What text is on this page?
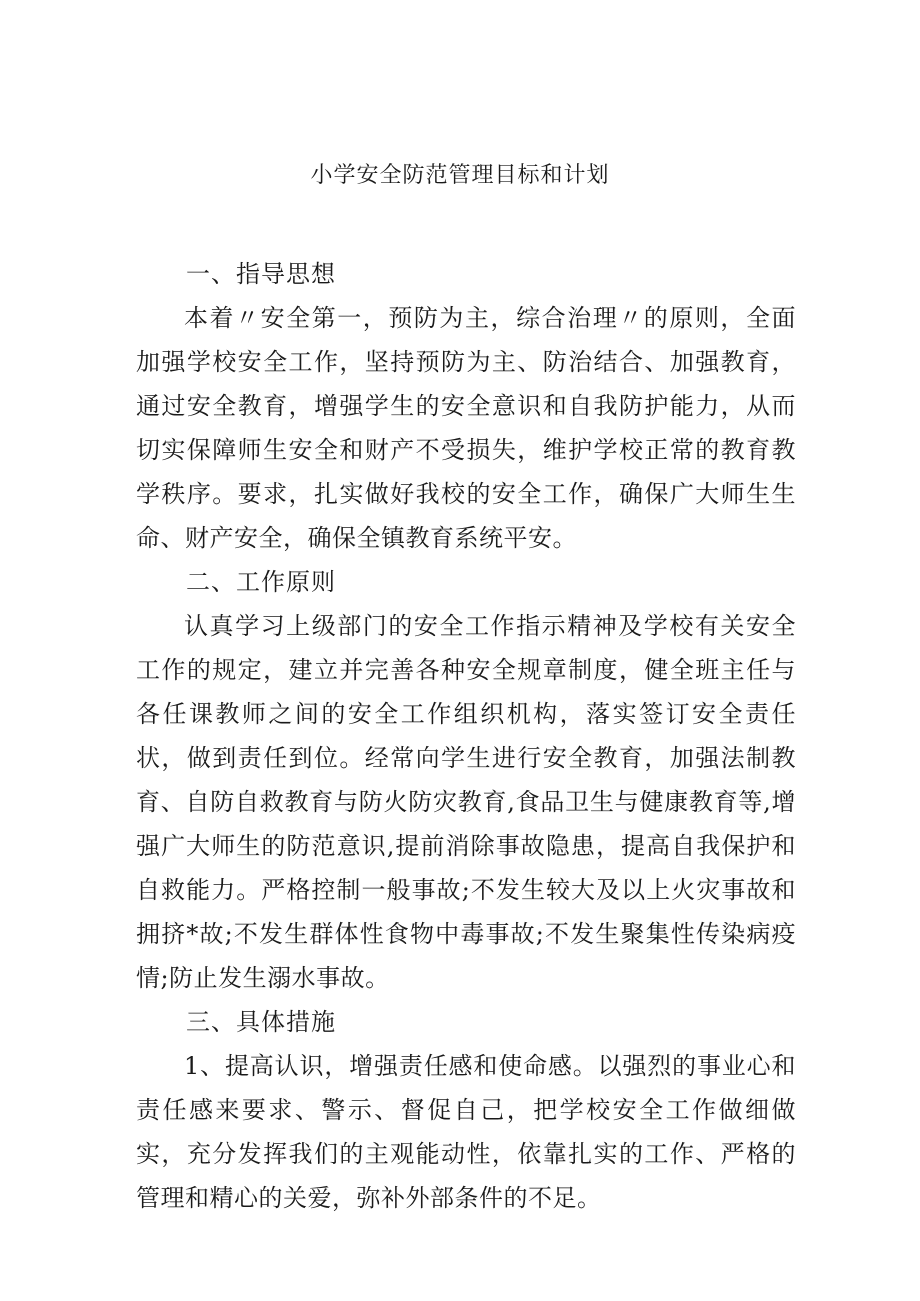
小学安全防范管理目标和计划
一、指导思想

本着〃安全第一，预防为主，综合治理〃的原则，全面加强学校安全工作，坚持预防为主、防治结合、加强教育，通过安全教育，增强学生的安全意识和自我防护能力，从而切实保障师生安全和财产不受损失，维护学校正常的教育教学秩序。要求，扎实做好我校的安全工作，确保广大师生生命、财产安全，确保全镇教育系统平安。

二、工作原则

认真学习上级部门的安全工作指示精神及学校有关安全工作的规定，建立并完善各种安全规章制度，健全班主任与各任课教师之间的安全工作组织机构，落实签订安全责任状，做到责任到位。经常向学生进行安全教育，加强法制教育、自防自救教育与防火防灾教育,食品卫生与健康教育等,增强广大师生的防范意识,提前消除事故隐患，提高自我保护和自救能力。严格控制一般事故;不发生较大及以上火灾事故和拥挤*故;不发生群体性食物中毒事故;不发生聚集性传染病疫情;防止发生溺水事故。

三、具体措施

1、提高认识，增强责任感和使命感。以强烈的事业心和责任感来要求、警示、督促自己，把学校安全工作做细做实，充分发挥我们的主观能动性，依靠扎实的工作、严格的管理和精心的关爱，弥补外部条件的不足。
